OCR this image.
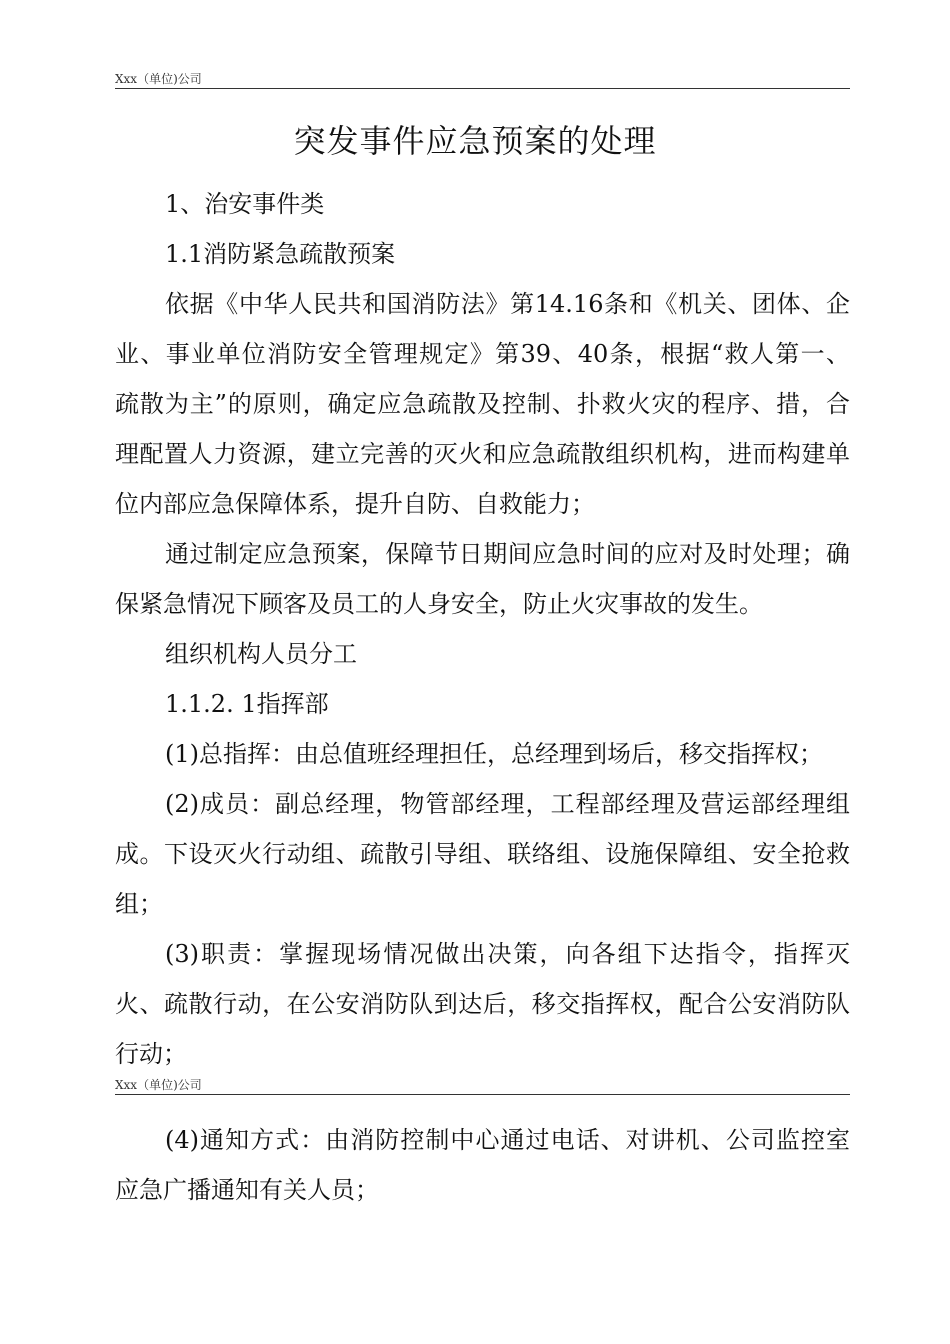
Xxx（单位)公司
突发事件应急预案的处理
1、治安事件类
1.1消防紧急疏散预案
依据《中华人民共和国消防法》第14.16条和《机关、团体、企
业、事业单位消防安全管理规定》第39、40条，根据“救人第一、
疏散为主”的原则，确定应急疏散及控制、扑救火灾的程序、措，合
理配置人力资源，建立完善的灭火和应急疏散组织机构，进而构建单
位内部应急保障体系，提升自防、自救能力；
通过制定应急预案，保障节日期间应急时间的应对及时处理；确
保紧急情况下顾客及员工的人身安全，防止火灾事故的发生。
组织机构人员分工
1.1.2. 1指挥部
(1)总指挥：由总值班经理担任，总经理到场后，移交指挥权；
(2)成员：副总经理，物管部经理，工程部经理及营运部经理组
成。下设灭火行动组、疏散引导组、联络组、设施保障组、安全抢救
组；
(3)职责：掌握现场情况做出决策，向各组下达指令，指挥灭
火、疏散行动，在公安消防队到达后，移交指挥权，配合公安消防队
行动；
Xxx（单位)公司
(4)通知方式：由消防控制中心通过电话、对讲机、公司监控室
应急广播通知有关人员；
